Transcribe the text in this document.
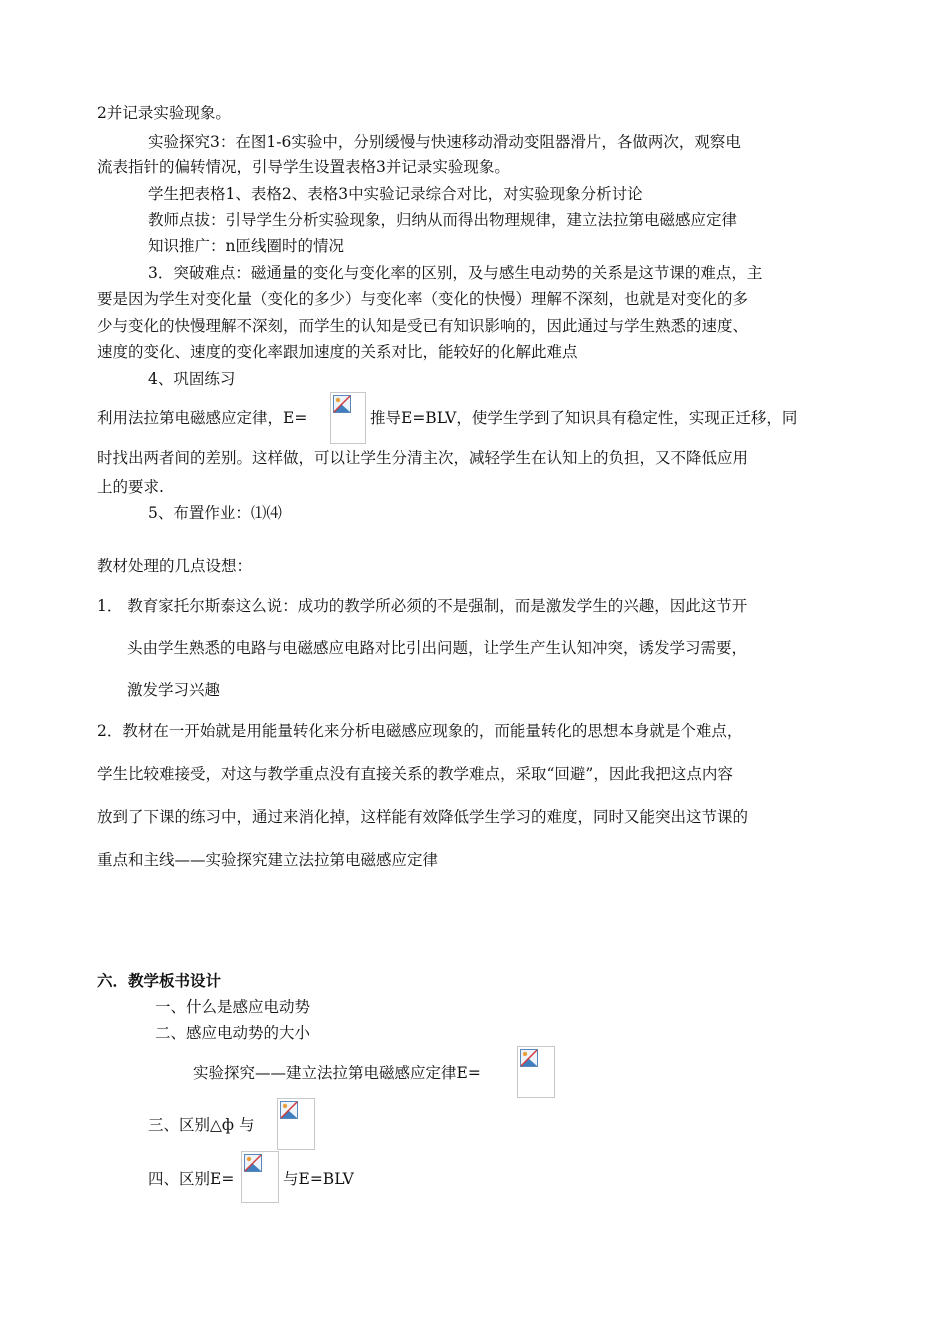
2并记录实验现象。
实验探究3：在图1-6实验中，分别缓慢与快速移动滑动变阻器滑片，各做两次，观察电
流表指针的偏转情况，引导学生设置表格3并记录实验现象。
学生把表格1、表格2、表格3中实验记录综合对比，对实验现象分析讨论
教师点拔：引导学生分析实验现象，归纳从而得出物理规律，建立法拉第电磁感应定律
知识推广：n匝线圈时的情况
3．突破难点：磁通量的变化与变化率的区别，及与感生电动势的关系是这节课的难点，主
要是因为学生对变化量（变化的多少）与变化率（变化的快慢）理解不深刻，也就是对变化的多
少与变化的快慢理解不深刻，而学生的认知是受已有知识影响的，因此通过与学生熟悉的速度、
速度的变化、速度的变化率跟加速度的关系对比，能较好的化解此难点
4、巩固练习
利用法拉第电磁感应定律，E=	推导E=BLV，使学生学到了知识具有稳定性，实现正迁移，同
时找出两者间的差别。这样做，可以让学生分清主次，减轻学生在认知上的负担，又不降低应用
上的要求.
5、布置作业：⑴⑷
教材处理的几点设想：
1． 教育家托尔斯泰这么说：成功的教学所必须的不是强制，而是激发学生的兴趣，因此这节开
头由学生熟悉的电路与电磁感应电路对比引出问题，让学生产生认知冲突，诱发学习需要，
激发学习兴趣
2．教材在一开始就是用能量转化来分析电磁感应现象的，而能量转化的思想本身就是个难点，
学生比较难接受，对这与教学重点没有直接关系的教学难点，采取“回避”，因此我把这点内容
放到了下课的练习中，通过来消化掉，这样能有效降低学生学习的难度，同时又能突出这节课的
重点和主线——实验探究建立法拉第电磁感应定律
六．教学板书设计
一、什么是感应电动势
二、感应电动势的大小
实验探究——建立法拉第电磁感应定律E=
三、区别△ф 与
四、区别E=	与E=BLV
